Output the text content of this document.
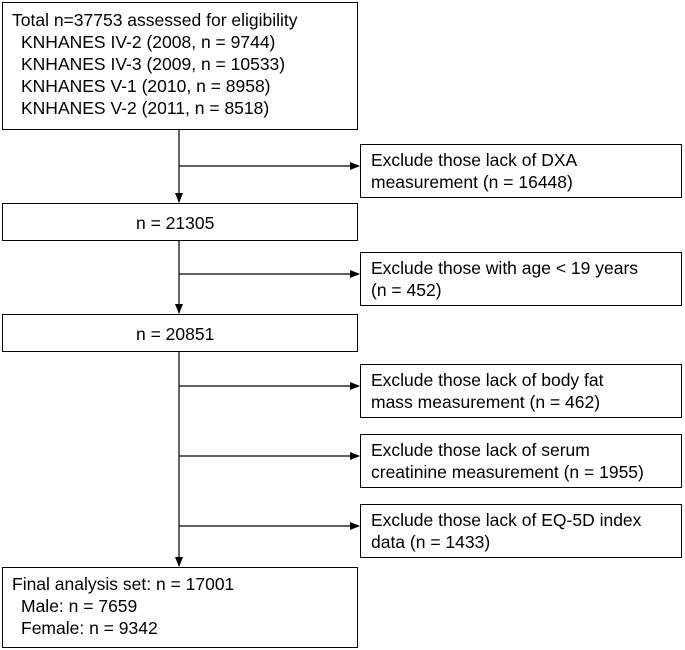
Total n=37753 assessed for eligibility
KNHANES IV-2 (2008, n = 9744)
KNHANES IV-3 (2009, n = 10533)
KNHANES V-1 (2010, n = 8958)
KNHANES V-2 (2011, n = 8518)
n = 21305
n = 20851
Final analysis set: n = 17001
Male: n = 7659
Female: n = 9342
Exclude those lack of DXA
measurement (n = 16448)
Exclude those with age < 19 years
(n = 452)
Exclude those lack of body fat
mass measurement (n = 462)
Exclude those lack of serum
creatinine measurement (n = 1955)
Exclude those lack of EQ-5D index
data (n = 1433)
